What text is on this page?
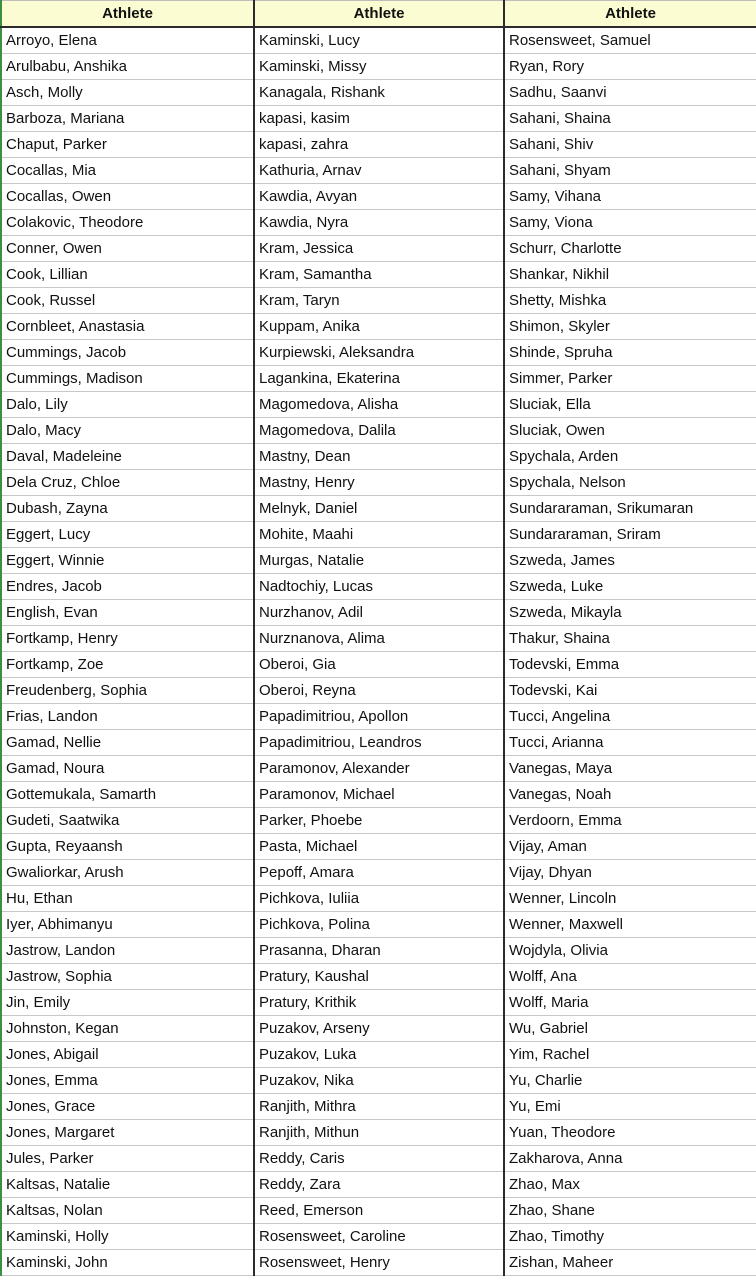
Athlete	Athlete	Athlete
Arroyo, Elena	Kaminski, Lucy	Rosensweet, Samuel
Arulbabu, Anshika	Kaminski, Missy	Ryan, Rory
Asch, Molly	Kanagala, Rishank	Sadhu, Saanvi
Barboza, Mariana	kapasi, kasim	Sahani, Shaina
Chaput, Parker	kapasi, zahra	Sahani, Shiv
Cocallas, Mia	Kathuria, Arnav	Sahani, Shyam
Cocallas, Owen	Kawdia, Avyan	Samy, Vihana
Colakovic, Theodore	Kawdia, Nyra	Samy, Viona
Conner, Owen	Kram, Jessica	Schurr, Charlotte
Cook, Lillian	Kram, Samantha	Shankar, Nikhil
Cook, Russel	Kram, Taryn	Shetty, Mishka
Cornbleet, Anastasia	Kuppam, Anika	Shimon, Skyler
Cummings, Jacob	Kurpiewski, Aleksandra	Shinde, Spruha
Cummings, Madison	Lagankina, Ekaterina	Simmer, Parker
Dalo, Lily	Magomedova, Alisha	Sluciak, Ella
Dalo, Macy	Magomedova, Dalila	Sluciak, Owen
Daval, Madeleine	Mastny, Dean	Spychala, Arden
Dela Cruz, Chloe	Mastny, Henry	Spychala, Nelson
Dubash, Zayna	Melnyk, Daniel	Sundararaman, Srikumaran
Eggert, Lucy	Mohite, Maahi	Sundararaman, Sriram
Eggert, Winnie	Murgas, Natalie	Szweda, James
Endres, Jacob	Nadtochiy, Lucas	Szweda, Luke
English, Evan	Nurzhanov, Adil	Szweda, Mikayla
Fortkamp, Henry	Nurznanova, Alima	Thakur, Shaina
Fortkamp, Zoe	Oberoi, Gia	Todevski, Emma
Freudenberg, Sophia	Oberoi, Reyna	Todevski, Kai
Frias, Landon	Papadimitriou, Apollon	Tucci, Angelina
Gamad, Nellie	Papadimitriou, Leandros	Tucci, Arianna
Gamad, Noura	Paramonov, Alexander	Vanegas, Maya
Gottemukala, Samarth	Paramonov, Michael	Vanegas, Noah
Gudeti, Saatwika	Parker, Phoebe	Verdoorn, Emma
Gupta, Reyaansh	Pasta, Michael	Vijay, Aman
Gwaliorkar, Arush	Pepoff, Amara	Vijay, Dhyan
Hu, Ethan	Pichkova, Iuliia	Wenner, Lincoln
Iyer, Abhimanyu	Pichkova, Polina	Wenner, Maxwell
Jastrow, Landon	Prasanna, Dharan	Wojdyla, Olivia
Jastrow, Sophia	Pratury, Kaushal	Wolff, Ana
Jin, Emily	Pratury, Krithik	Wolff, Maria
Johnston, Kegan	Puzakov, Arseny	Wu, Gabriel
Jones, Abigail	Puzakov, Luka	Yim, Rachel
Jones, Emma	Puzakov, Nika	Yu, Charlie
Jones, Grace	Ranjith, Mithra	Yu, Emi
Jones, Margaret	Ranjith, Mithun	Yuan, Theodore
Jules, Parker	Reddy, Caris	Zakharova, Anna
Kaltsas, Natalie	Reddy, Zara	Zhao, Max
Kaltsas, Nolan	Reed, Emerson	Zhao, Shane
Kaminski, Holly	Rosensweet, Caroline	Zhao, Timothy
Kaminski, John	Rosensweet, Henry	Zishan, Maheer
